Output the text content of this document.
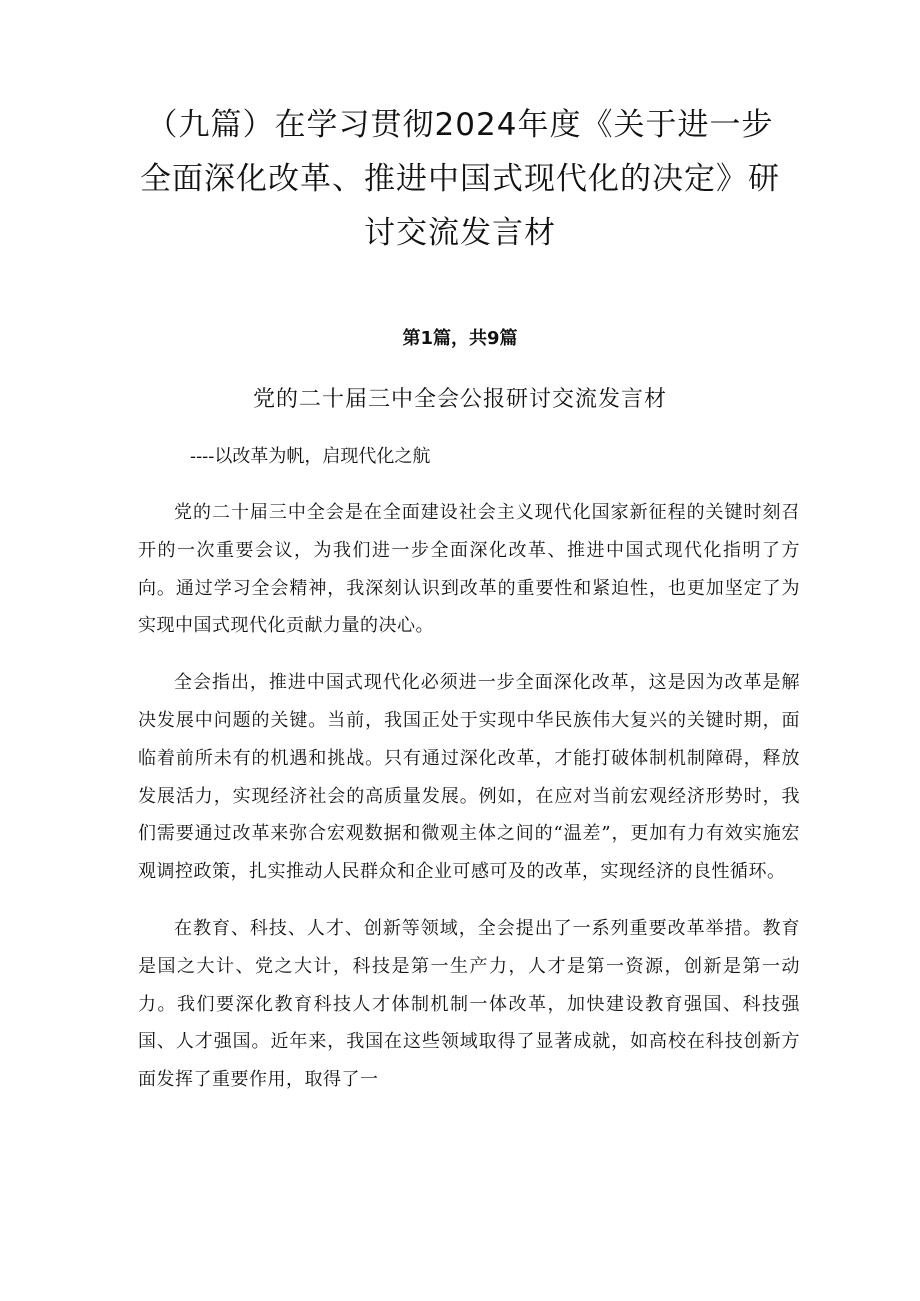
（九篇）在学习贯彻2024年度《关于进一步全面深化改革、推进中国式现代化的决定》研讨交流发言材
第1篇，共9篇
党的二十届三中全会公报研讨交流发言材
----以改革为帆，启现代化之航

党的二十届三中全会是在全面建设社会主义现代化国家新征程的关键时刻召开的一次重要会议，为我们进一步全面深化改革、推进中国式现代化指明了方向。通过学习全会精神，我深刻认识到改革的重要性和紧迫性，也更加坚定了为实现中国式现代化贡献力量的决心。

全会指出，推进中国式现代化必须进一步全面深化改革，这是因为改革是解决发展中问题的关键。当前，我国正处于实现中华民族伟大复兴的关键时期，面临着前所未有的机遇和挑战。只有通过深化改革，才能打破体制机制障碍，释放发展活力，实现经济社会的高质量发展。例如，在应对当前宏观经济形势时，我们需要通过改革来弥合宏观数据和微观主体之间的“温差”，更加有力有效实施宏观调控政策，扎实推动人民群众和企业可感可及的改革，实现经济的良性循环。

在教育、科技、人才、创新等领域，全会提出了一系列重要改革举措。教育是国之大计、党之大计，科技是第一生产力，人才是第一资源，创新是第一动力。我们要深化教育科技人才体制机制一体改革，加快建设教育强国、科技强国、人才强国。近年来，我国在这些领域取得了显著成就，如高校在科技创新方面发挥了重要作用，取得了一
